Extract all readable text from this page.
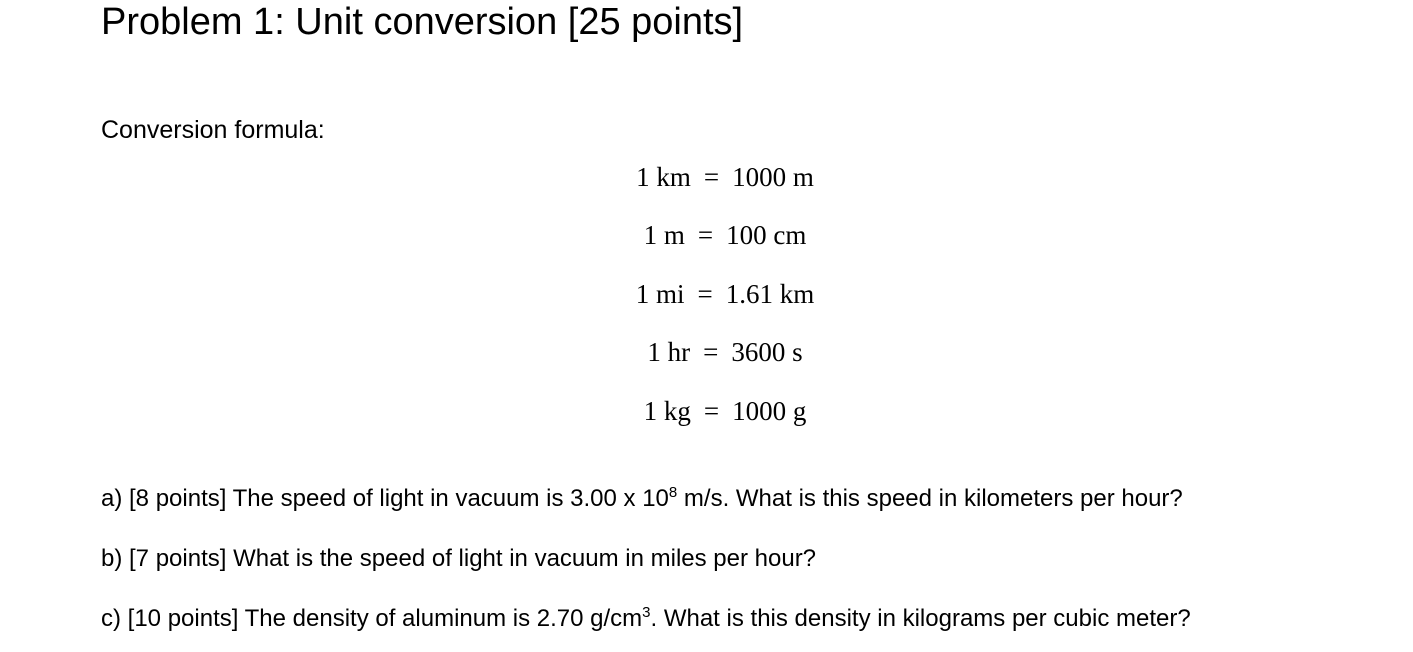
Problem 1: Unit conversion [25 points]
Conversion formula:
1 km = 1000 m
1 m = 100 cm
1 mi = 1.61 km
1 hr = 3600 s
1 kg = 1000 g
a) [8 points] The speed of light in vacuum is 3.00 x $10^8$ m/s. What is this speed in kilometers per hour?
b) [7 points] What is the speed of light in vacuum in miles per hour?
c) [10 points] The density of aluminum is 2.70 $g/cm^3$. What is this density in kilograms per cubic meter?
